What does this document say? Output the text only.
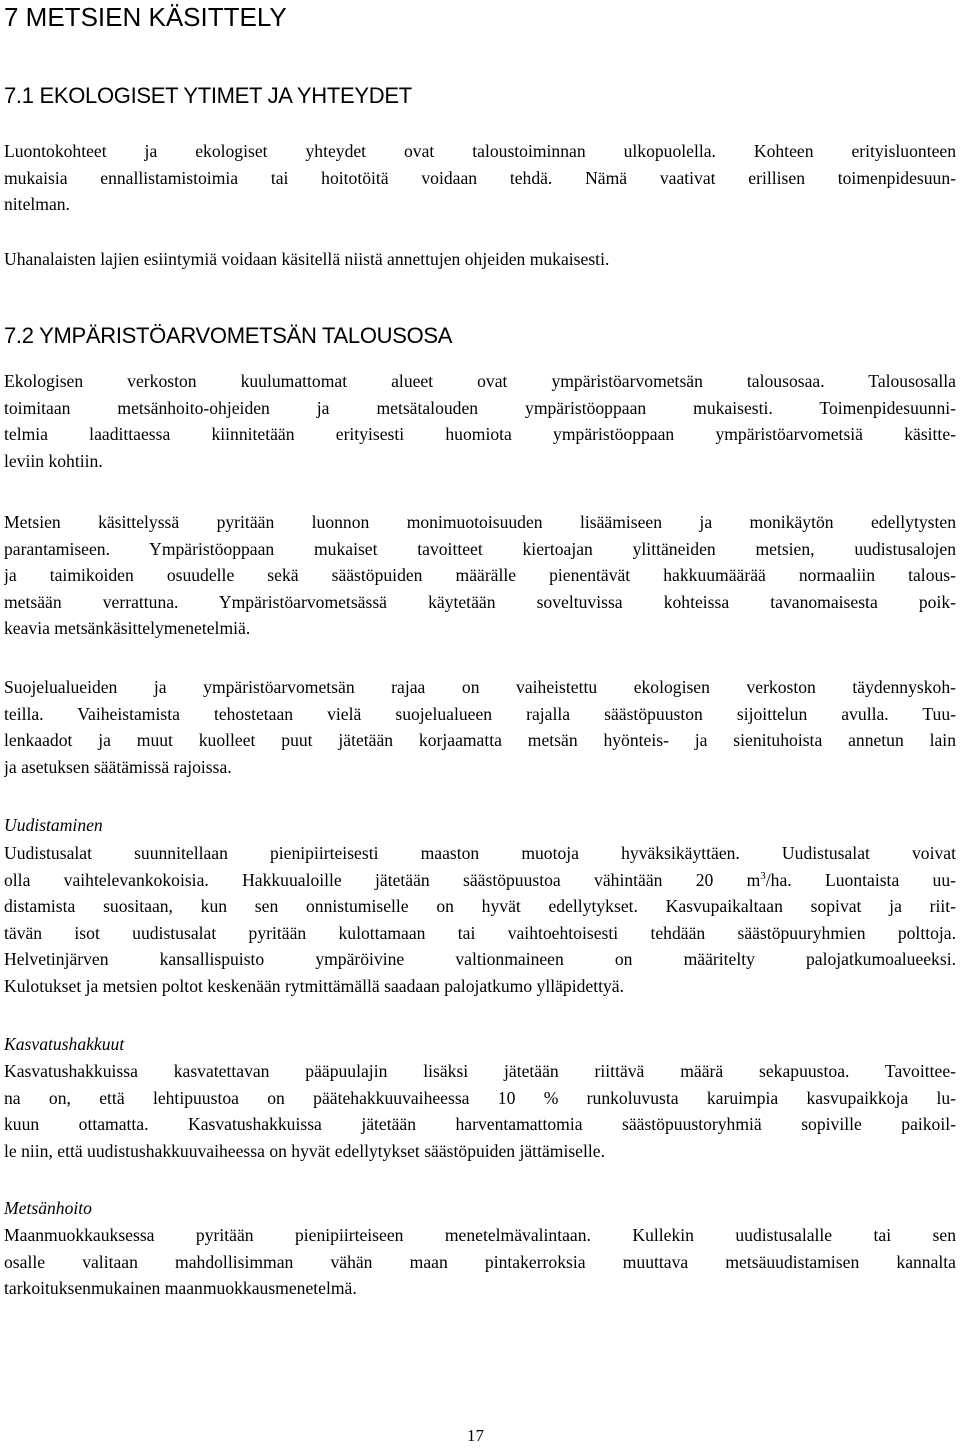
7 METSIEN KÄSITTELY
7.1 EKOLOGISET YTIMET JA YHTEYDET
Luontokohteet ja ekologiset yhteydet ovat taloustoiminnan ulkopuolella. Kohteen erityisluonteen
mukaisia ennallistamistoimia tai hoitotöitä voidaan tehdä. Nämä vaativat erillisen toimenpidesuun-
nitelman.
Uhanalaisten lajien esiintymiä voidaan käsitellä niistä annettujen ohjeiden mukaisesti.
7.2 YMPÄRISTÖARVOMETSÄN TALOUSOSA
Ekologisen verkoston kuulumattomat alueet ovat ympäristöarvometsän talousosaa. Talousosalla
toimitaan metsänhoito-ohjeiden ja metsätalouden ympäristöoppaan mukaisesti. Toimenpidesuunni-
telmia laadittaessa kiinnitetään erityisesti huomiota ympäristöoppaan ympäristöarvometsiä käsitte-
leviin kohtiin.
Metsien käsittelyssä pyritään luonnon monimuotoisuuden lisäämiseen ja monikäytön edellytysten
parantamiseen. Ympäristöoppaan mukaiset tavoitteet kiertoajan ylittäneiden metsien, uudistusalojen
ja taimikoiden osuudelle sekä säästöpuiden määrälle pienentävät hakkuumäärää normaaliin talous-
metsään verrattuna. Ympäristöarvometsässä käytetään soveltuvissa kohteissa tavanomaisesta poik-
keavia metsänkäsittelymenetelmiä.
Suojelualueiden ja ympäristöarvometsän rajaa on vaiheistettu ekologisen verkoston täydennyskoh-
teilla. Vaiheistamista tehostetaan vielä suojelualueen rajalla säästöpuuston sijoittelun avulla. Tuu-
lenkaadot ja muut kuolleet puut jätetään korjaamatta metsän hyönteis- ja sienituhoista annetun lain
ja asetuksen säätämissä rajoissa.

Uudistaminen

Uudistusalat suunnitellaan pienipiirteisesti maaston muotoja hyväksikäyttäen. Uudistusalat voivat
olla vaihtelevankokoisia. Hakkuualoille jätetään säästöpuustoa vähintään 20 $m^3/ha$. Luontaista uu-
distamista suositaan, kun sen onnistumiselle on hyvät edellytykset. Kasvupaikaltaan sopivat ja riit-
tävän isot uudistusalat pyritään kulottamaan tai vaihtoehtoisesti tehdään säästöpuuryhmien polttoja.
Helvetinjärven kansallispuisto ympäröivine valtionmaineen on määritelty palojatkumoalueeksi.
Kulotukset ja metsien poltot keskenään rytmittämällä saadaan palojatkumo ylläpidettyä.

Kasvatushakkuut

Kasvatushakkuissa kasvatettavan pääpuulajin lisäksi jätetään riittävä määrä sekapuustoa. Tavoittee-
na on, että lehtipuustoa on päätehakkuuvaiheessa 10 % runkoluvusta karuimpia kasvupaikkoja lu-
kuun ottamatta. Kasvatushakkuissa jätetään harventamattomia säästöpuustoryhmiä sopiville paikoil-
le niin, että uudistushakkuuvaiheessa on hyvät edellytykset säästöpuiden jättämiselle.

Metsänhoito

Maanmuokkauksessa pyritään pienipiirteiseen menetelmävalintaan. Kullekin uudistusalalle tai sen
osalle valitaan mahdollisimman vähän maan pintakerroksia muuttava metsäuudistamisen kannalta
tarkoituksenmukainen maanmuokkausmenetelmä.

17
